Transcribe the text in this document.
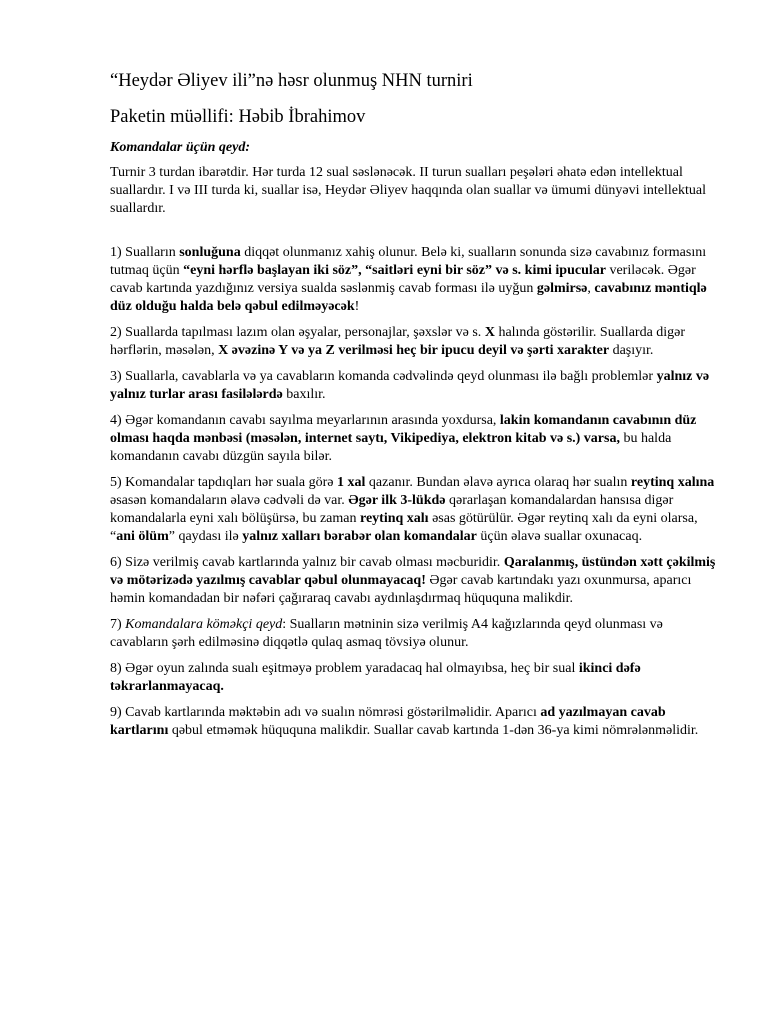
“Heydər Əliyev ili”nə həsr olunmuş NHN turniri
Paketin müəllifi: Həbib İbrahimov

Komandalar üçün qeyd:

Turnir 3 turdan ibarətdir. Hər turda 12 sual səslənəcək. II turun sualları peşələri əhatə edən intellektual suallardır. I və III turda ki, suallar isə, Heydər Əliyev haqqında olan suallar və ümumi dünyəvi intellektual suallardır.

1) Sualların sonluğuna diqqət olunmanız xahiş olunur. Belə ki, sualların sonunda sizə cavabınız formasını tutmaq üçün “eyni hərflə başlayan iki söz”, “saitləri eyni bir söz” və s. kimi ipucular veriləcək. Əgər cavab kartında yazdığınız versiya sualda səslənmiş cavab forması ilə uyğun gəlmirsə, cavabınız məntiqlə düz olduğu halda belə qəbul edilməyəcək!

2) Suallarda tapılması lazım olan əşyalar, personajlar, şəxslər və s. X halında göstərilir. Suallarda digər hərflərin, məsələn, X əvəzinə Y və ya Z verilməsi heç bir ipucu deyil və şərti xarakter daşıyır.

3) Suallarla, cavablarla və ya cavabların komanda cədvəlində qeyd olunması ilə bağlı problemlər yalnız və yalnız turlar arası fasilələrdə baxılır.

4) Əgər komandanın cavabı sayılma meyarlarının arasında yoxdursa, lakin komandanın cavabının düz olması haqda mənbəsi (məsələn, internet saytı, Vikipediya, elektron kitab və s.) varsa, bu halda komandanın cavabı düzgün sayıla bilər.

5) Komandalar tapdıqları hər suala görə 1 xal qazanır. Bundan əlavə ayrıca olaraq hər sualın reytinq xalına əsasən komandaların əlavə cədvəli də var. Əgər ilk 3-lükdə qərarlaşan komandalardan hansısa digər komandalarla eyni xalı bölüşürsə, bu zaman reytinq xalı əsas götürülür. Əgər reytinq xalı da eyni olarsa, “ani ölüm” qaydası ilə yalnız xalları bərabər olan komandalar üçün əlavə suallar oxunacaq.

6) Sizə verilmiş cavab kartlarında yalnız bir cavab olması məcburidir. Qaralanmış, üstündən xətt çəkilmiş və mötərizədə yazılmış cavablar qəbul olunmayacaq! Əgər cavab kartındakı yazı oxunmursa, aparıcı həmin komandadan bir nəfəri çağıraraq cavabı aydınlaşdırmaq hüququna malikdir.

7) Komandalara köməkçi qeyd: Sualların mətninin sizə verilmiş A4 kağızlarında qeyd olunması və cavabların şərh edilməsinə diqqətlə qulaq asmaq tövsiyə olunur.

8) Əgər oyun zalında sualı eşitməyə problem yaradacaq hal olmayıbsa, heç bir sual ikinci dəfə təkrarlanmayacaq.

9) Cavab kartlarında məktəbin adı və sualın nömrəsi göstərilməlidir. Aparıcı ad yazılmayan cavab kartlarını qəbul etməmək hüququna malikdir. Suallar cavab kartında 1-dən 36-ya kimi nömrələnməlidir.
